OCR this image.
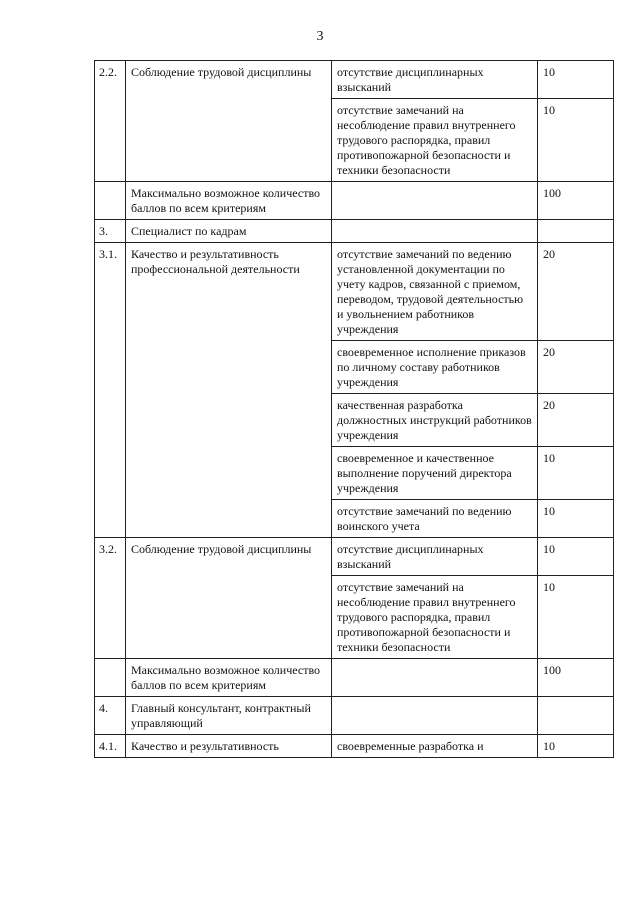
3
2.2.	Соблюдение трудовой дисциплины	отсутствие дисциплинарных взысканий	10
		отсутствие замечаний на несоблюдение правил внутреннего трудового распорядка, правил противопожарной безопасности и техники безопасности	10
	Максимально возможное количество баллов по всем критериям		100
3.	Специалист по кадрам		
3.1.	Качество и результативность профессиональной деятельности	отсутствие замечаний по ведению установленной документации по учету кадров, связанной с приемом, переводом, трудовой деятельностью и увольнением работников учреждения	20
		своевременное исполнение приказов по личному составу работников учреждения	20
		качественная разработка должностных инструкций работников учреждения	20
		своевременное и качественное выполнение поручений директора учреждения	10
		отсутствие замечаний по ведению воинского учета	10
3.2.	Соблюдение трудовой дисциплины	отсутствие дисциплинарных взысканий	10
		отсутствие замечаний на несоблюдение правил внутреннего трудового распорядка, правил противопожарной безопасности и техники безопасности	10
	Максимально возможное количество баллов по всем критериям		100
4.	Главный консультант, контрактный управляющий		
4.1.	Качество и результативность	своевременные разработка и	10
